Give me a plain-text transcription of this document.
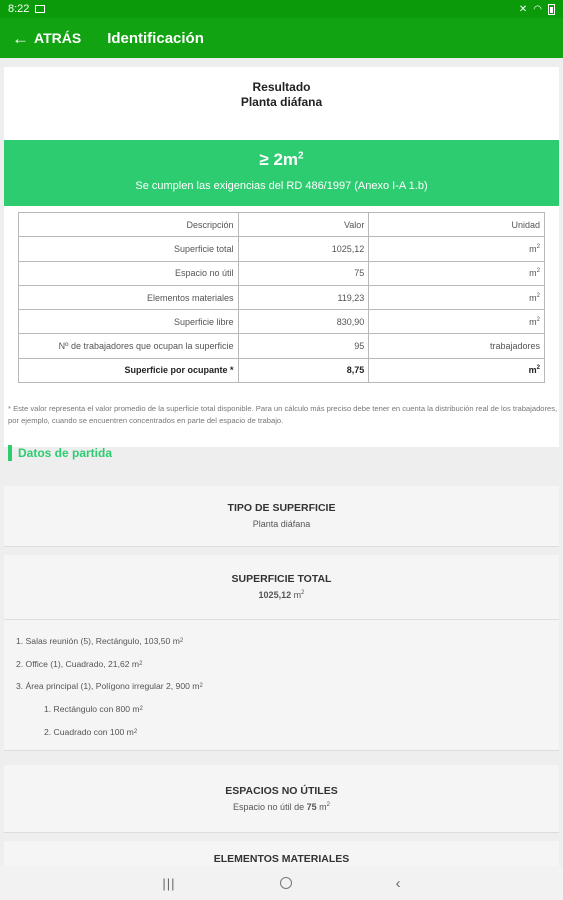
8:22	✕ ◠
← ATRÁS Identificación
Resultado
Planta diáfana
≥ $2m^2$
Se cumplen las exigencias del RD 486/1997 (Anexo I-A 1.b)
Descripción	Valor	Unidad
Superficie total	1025,12	$m^2$
Espacio no útil	75	$m^2$
Elementos materiales	119,23	$m^2$
Superficie libre	830,90	$m^2$
Nº de trabajadores que ocupan la superficie	95	trabajadores
Superficie por ocupante *	8,75	$m^2$
* Este valor representa el valor promedio de la superficie total disponible. Para un cálculo más preciso debe tener en cuenta la distribución real de los trabajadores, por ejemplo, cuando se encuentren concentrados en parte del espacio de trabajo.
Datos de partida
TIPO DE SUPERFICIE
Planta diáfana
SUPERFICIE TOTAL
1025,12 $m^2$
1. Salas reunión (5), Rectángulo, 103,50 m 2
2. Office (1), Cuadrado, 21,62 m 2
3. Área principal (1), Polígono irregular 2, 900 m 2
1. Rectángulo con 800 m 2
2. Cuadrado con 100 m 2
ESPACIOS NO ÚTILES
Espacio no útil de 75 $m^2$
ELEMENTOS MATERIALES
|||	‹
